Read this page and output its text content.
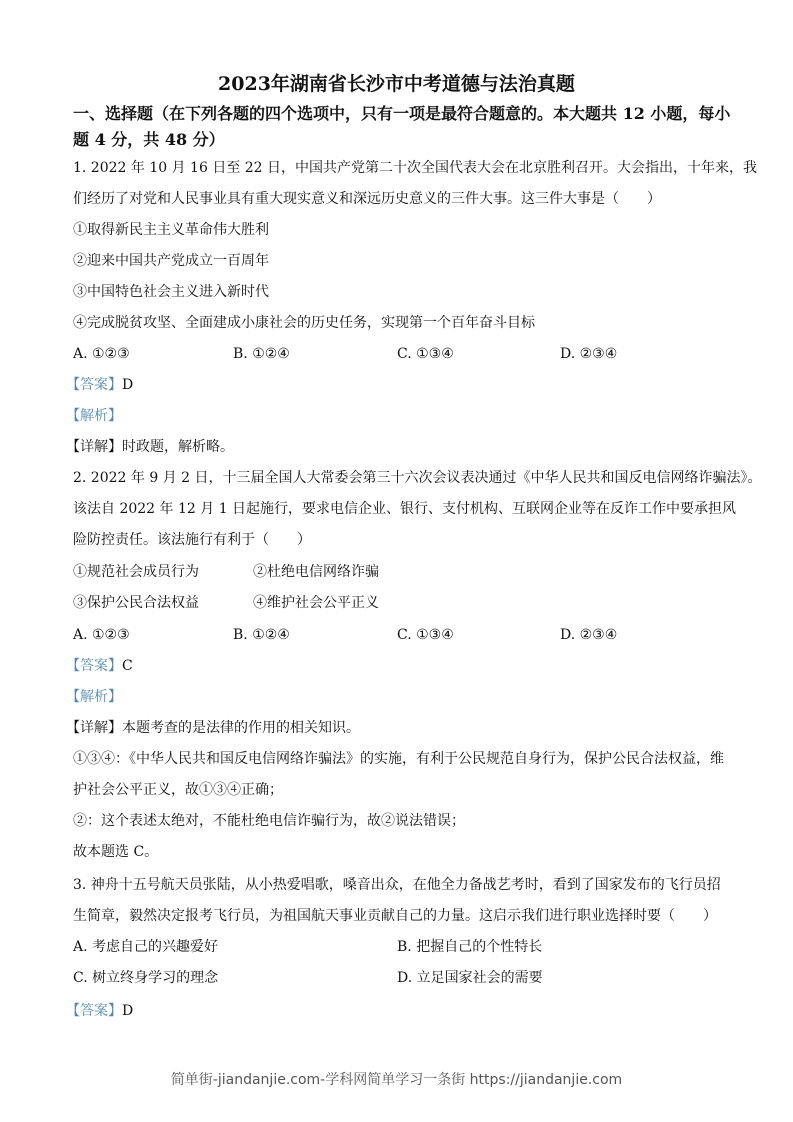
2023年湖南省长沙市中考道德与法治真题
一、选择题（在下列各题的四个选项中，只有一项是最符合题意的。本大题共 12 小题，每小
题 4 分，共 48 分）
1. 2022 年 10 月 16 日至 22 日，中国共产党第二十次全国代表大会在北京胜利召开。大会指出，十年来，我
们经历了对党和人民事业具有重大现实意义和深远历史意义的三件大事。这三件大事是（　　）
①取得新民主主义革命伟大胜利
②迎来中国共产党成立一百周年
③中国特色社会主义进入新时代
④完成脱贫攻坚、全面建成小康社会的历史任务，实现第一个百年奋斗目标
A. ①②③	B. ①②④	C. ①③④	D. ②③④
【答案】D
【解析】
【详解】时政题，解析略。
2. 2022 年 9 月 2 日，十三届全国人大常委会第三十六次会议表决通过《中华人民共和国反电信网络诈骗法》。
该法自 2022 年 12 月 1 日起施行，要求电信企业、银行、支付机构、互联网企业等在反诈工作中要承担风
险防控责任。该法施行有利于（　　）
①规范社会成员行为	②杜绝电信网络诈骗
③保护公民合法权益	④维护社会公平正义
A. ①②③	B. ①②④	C. ①③④	D. ②③④
【答案】C
【解析】
【详解】本题考查的是法律的作用的相关知识。
①③④：《中华人民共和国反电信网络诈骗法》的实施，有利于公民规范自身行为，保护公民合法权益，维
护社会公平正义，故①③④正确；
②：这个表述太绝对，不能杜绝电信诈骗行为，故②说法错误；
故本题选 C。
3. 神舟十五号航天员张陆，从小热爱唱歌，嗓音出众，在他全力备战艺考时，看到了国家发布的飞行员招
生简章，毅然决定报考飞行员，为祖国航天事业贡献自己的力量。这启示我们进行职业选择时要（　　）
A. 考虑自己的兴趣爱好	B. 把握自己的个性特长
C. 树立终身学习的理念	D. 立足国家社会的需要
【答案】D
简单街-jiandanjie.com-学科网简单学习一条街 https://jiandanjie.com
